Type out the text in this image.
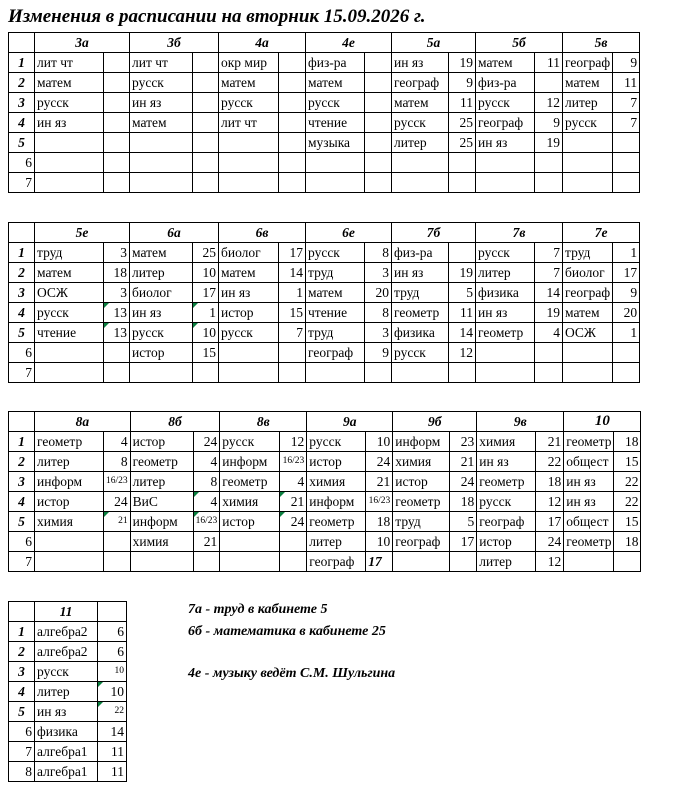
Изменения в расписании на вторник 15.09.2026 г.
	3а		3б		4а		4е		5а		5б		5в	
1	лит чт		лит чт		окр мир		физ-ра		ин яз	19	матем	11	географ	9
2	матем		русск		матем		матем		географ	9	физ-ра		матем	11
3	русск		ин яз		русск		русск		матем	11	русск	12	литер	7
4	ин яз		матем		лит чт		чтение		русск	25	географ	9	русск	7
5							музыка		литер	25	ин яз	19		
6														
7														
	5е		6а		6в		6е		7б		7в		7е	
1	труд	3	матем	25	биолог	17	русск	8	физ-ра		русск	7	труд	1
2	матем	18	литер	10	матем	14	труд	3	ин яз	19	литер	7	биолог	17
3	ОСЖ	3	биолог	17	ин яз	1	матем	20	труд	5	физика	14	географ	9
4	русск	13	ин яз	1	истор	15	чтение	8	геометр	11	ин яз	19	матем	20
5	чтение	13	русск	10	русск	7	труд	3	физика	14	геометр	4	ОСЖ	1
6			истор	15			географ	9	русск	12				
7														
	8а		8б		8в		9а		9б		9в		10	
1	геометр	4	истор	24	русск	12	русск	10	информ	23	химия	21	геометр	18
2	литер	8	геометр	4	информ	16/23	истор	24	химия	21	ин яз	22	общест	15
3	информ	16/23	литер	8	геометр	4	химия	21	истор	24	геометр	18	ин яз	22
4	истор	24	ВиС	4	химия	21	информ	16/23	геометр	18	русск	12	ин яз	22
5	химия	21	информ	16/23	истор	24	геометр	18	труд	5	географ	17	общест	15
6			химия	21			литер	10	географ	17	истор	24	геометр	18
7							географ	17			литер	12		
	11	
1	алгебра2	6
2	алгебра2	6
3	русск	10
4	литер	10
5	ин яз	22
6	физика	14
7	алгебра1	11
8	алгебра1	11
7а - труд в кабинете 5
6б - математика в кабинете 25
4е - музыку ведёт С.М. Шульгина
